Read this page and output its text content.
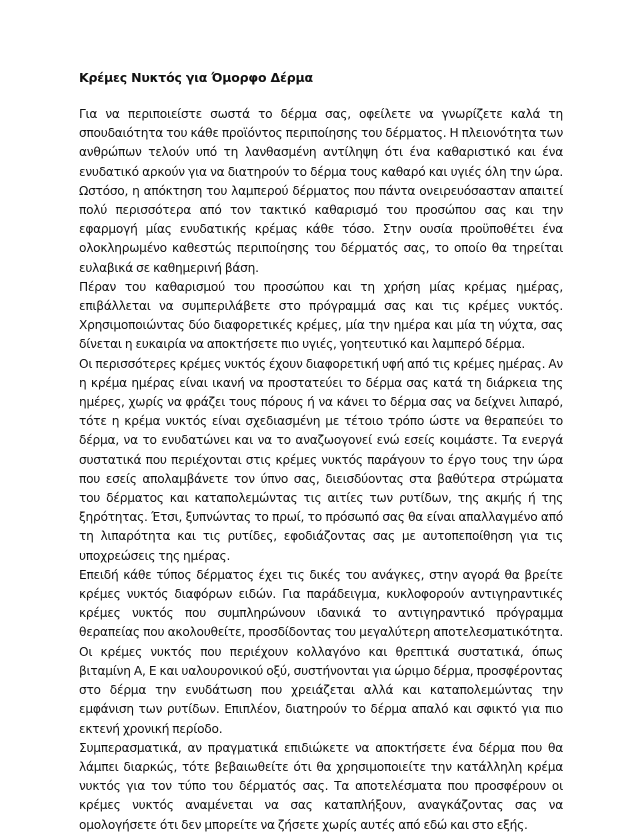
Κρέμες Νυκτός για Όμορφο Δέρμα

Για να περιποιείστε σωστά το δέρμα σας, οφείλετε να γνωρίζετε καλά τη σπουδαιότητα του κάθε προϊόντος περιποίησης του δέρματος. Η πλειονότητα των ανθρώπων τελούν υπό τη λανθασμένη αντίληψη ότι ένα καθαριστικό και ένα ενυδατικό αρκούν για να διατηρούν το δέρμα τους καθαρό και υγιές όλη την ώρα. Ωστόσο, η απόκτηση του λαμπερού δέρματος που πάντα ονειρευόσασταν απαιτεί πολύ περισσότερα από τον τακτικό καθαρισμό του προσώπου σας και την εφαρμογή μίας ενυδατικής κρέμας κάθε τόσο. Στην ουσία προϋποθέτει ένα ολοκληρωμένο καθεστώς περιποίησης του δέρματός σας, το οποίο θα τηρείται ευλαβικά σε καθημερινή βάση.

Πέραν του καθαρισμού του προσώπου και τη χρήση μίας κρέμας ημέρας, επιβάλλεται να συμπεριλάβετε στο πρόγραμμά σας και τις κρέμες νυκτός. Χρησιμοποιώντας δύο διαφορετικές κρέμες, μία την ημέρα και μία τη νύχτα, σας δίνεται η ευκαιρία να αποκτήσετε πιο υγιές, γοητευτικό και λαμπερό δέρμα.

Οι περισσότερες κρέμες νυκτός έχουν διαφορετική υφή από τις κρέμες ημέρας. Αν η κρέμα ημέρας είναι ικανή να προστατεύει το δέρμα σας κατά τη διάρκεια της ημέρες, χωρίς να φράζει τους πόρους ή να κάνει το δέρμα σας να δείχνει λιπαρό, τότε η κρέμα νυκτός είναι σχεδιασμένη με τέτοιο τρόπο ώστε να θεραπεύει το δέρμα, να το ενυδατώνει και να το αναζωογονεί ενώ εσείς κοιμάστε. Τα ενεργά συστατικά που περιέχονται στις κρέμες νυκτός παράγουν το έργο τους την ώρα που εσείς απολαμβάνετε τον ύπνο σας, διεισδύοντας στα βαθύτερα στρώματα του δέρματος και καταπολεμώντας τις αιτίες των ρυτίδων, της ακμής ή της ξηρότητας. Έτσι, ξυπνώντας το πρωί, το πρόσωπό σας θα είναι απαλλαγμένο από τη λιπαρότητα και τις ρυτίδες, εφοδιάζοντας σας με αυτοπεποίθηση για τις υποχρεώσεις της ημέρας.

Επειδή κάθε τύπος δέρματος έχει τις δικές του ανάγκες, στην αγορά θα βρείτε κρέμες νυκτός διαφόρων ειδών. Για παράδειγμα, κυκλοφορούν αντιγηραντικές κρέμες νυκτός που συμπληρώνουν ιδανικά το αντιγηραντικό πρόγραμμα θεραπείας που ακολουθείτε, προσδίδοντας του μεγαλύτερη αποτελεσματικότητα. Οι κρέμες νυκτός που περιέχουν κολλαγόνο και θρεπτικά συστατικά, όπως βιταμίνη Α, Ε και υαλουρονικού οξύ, συστήνονται για ώριμο δέρμα, προσφέροντας στο δέρμα την ενυδάτωση που χρειάζεται αλλά και καταπολεμώντας την εμφάνιση των ρυτίδων. Επιπλέον, διατηρούν το δέρμα απαλό και σφικτό για πιο εκτενή χρονική περίοδο.

Συμπερασματικά, αν πραγματικά επιδιώκετε να αποκτήσετε ένα δέρμα που θα λάμπει διαρκώς, τότε βεβαιωθείτε ότι θα χρησιμοποιείτε την κατάλληλη κρέμα νυκτός για τον τύπο του δέρματός σας. Τα αποτελέσματα που προσφέρουν οι κρέμες νυκτός αναμένεται να σας καταπλήξουν, αναγκάζοντας σας να ομολογήσετε ότι δεν μπορείτε να ζήσετε χωρίς αυτές από εδώ και στο εξής.
